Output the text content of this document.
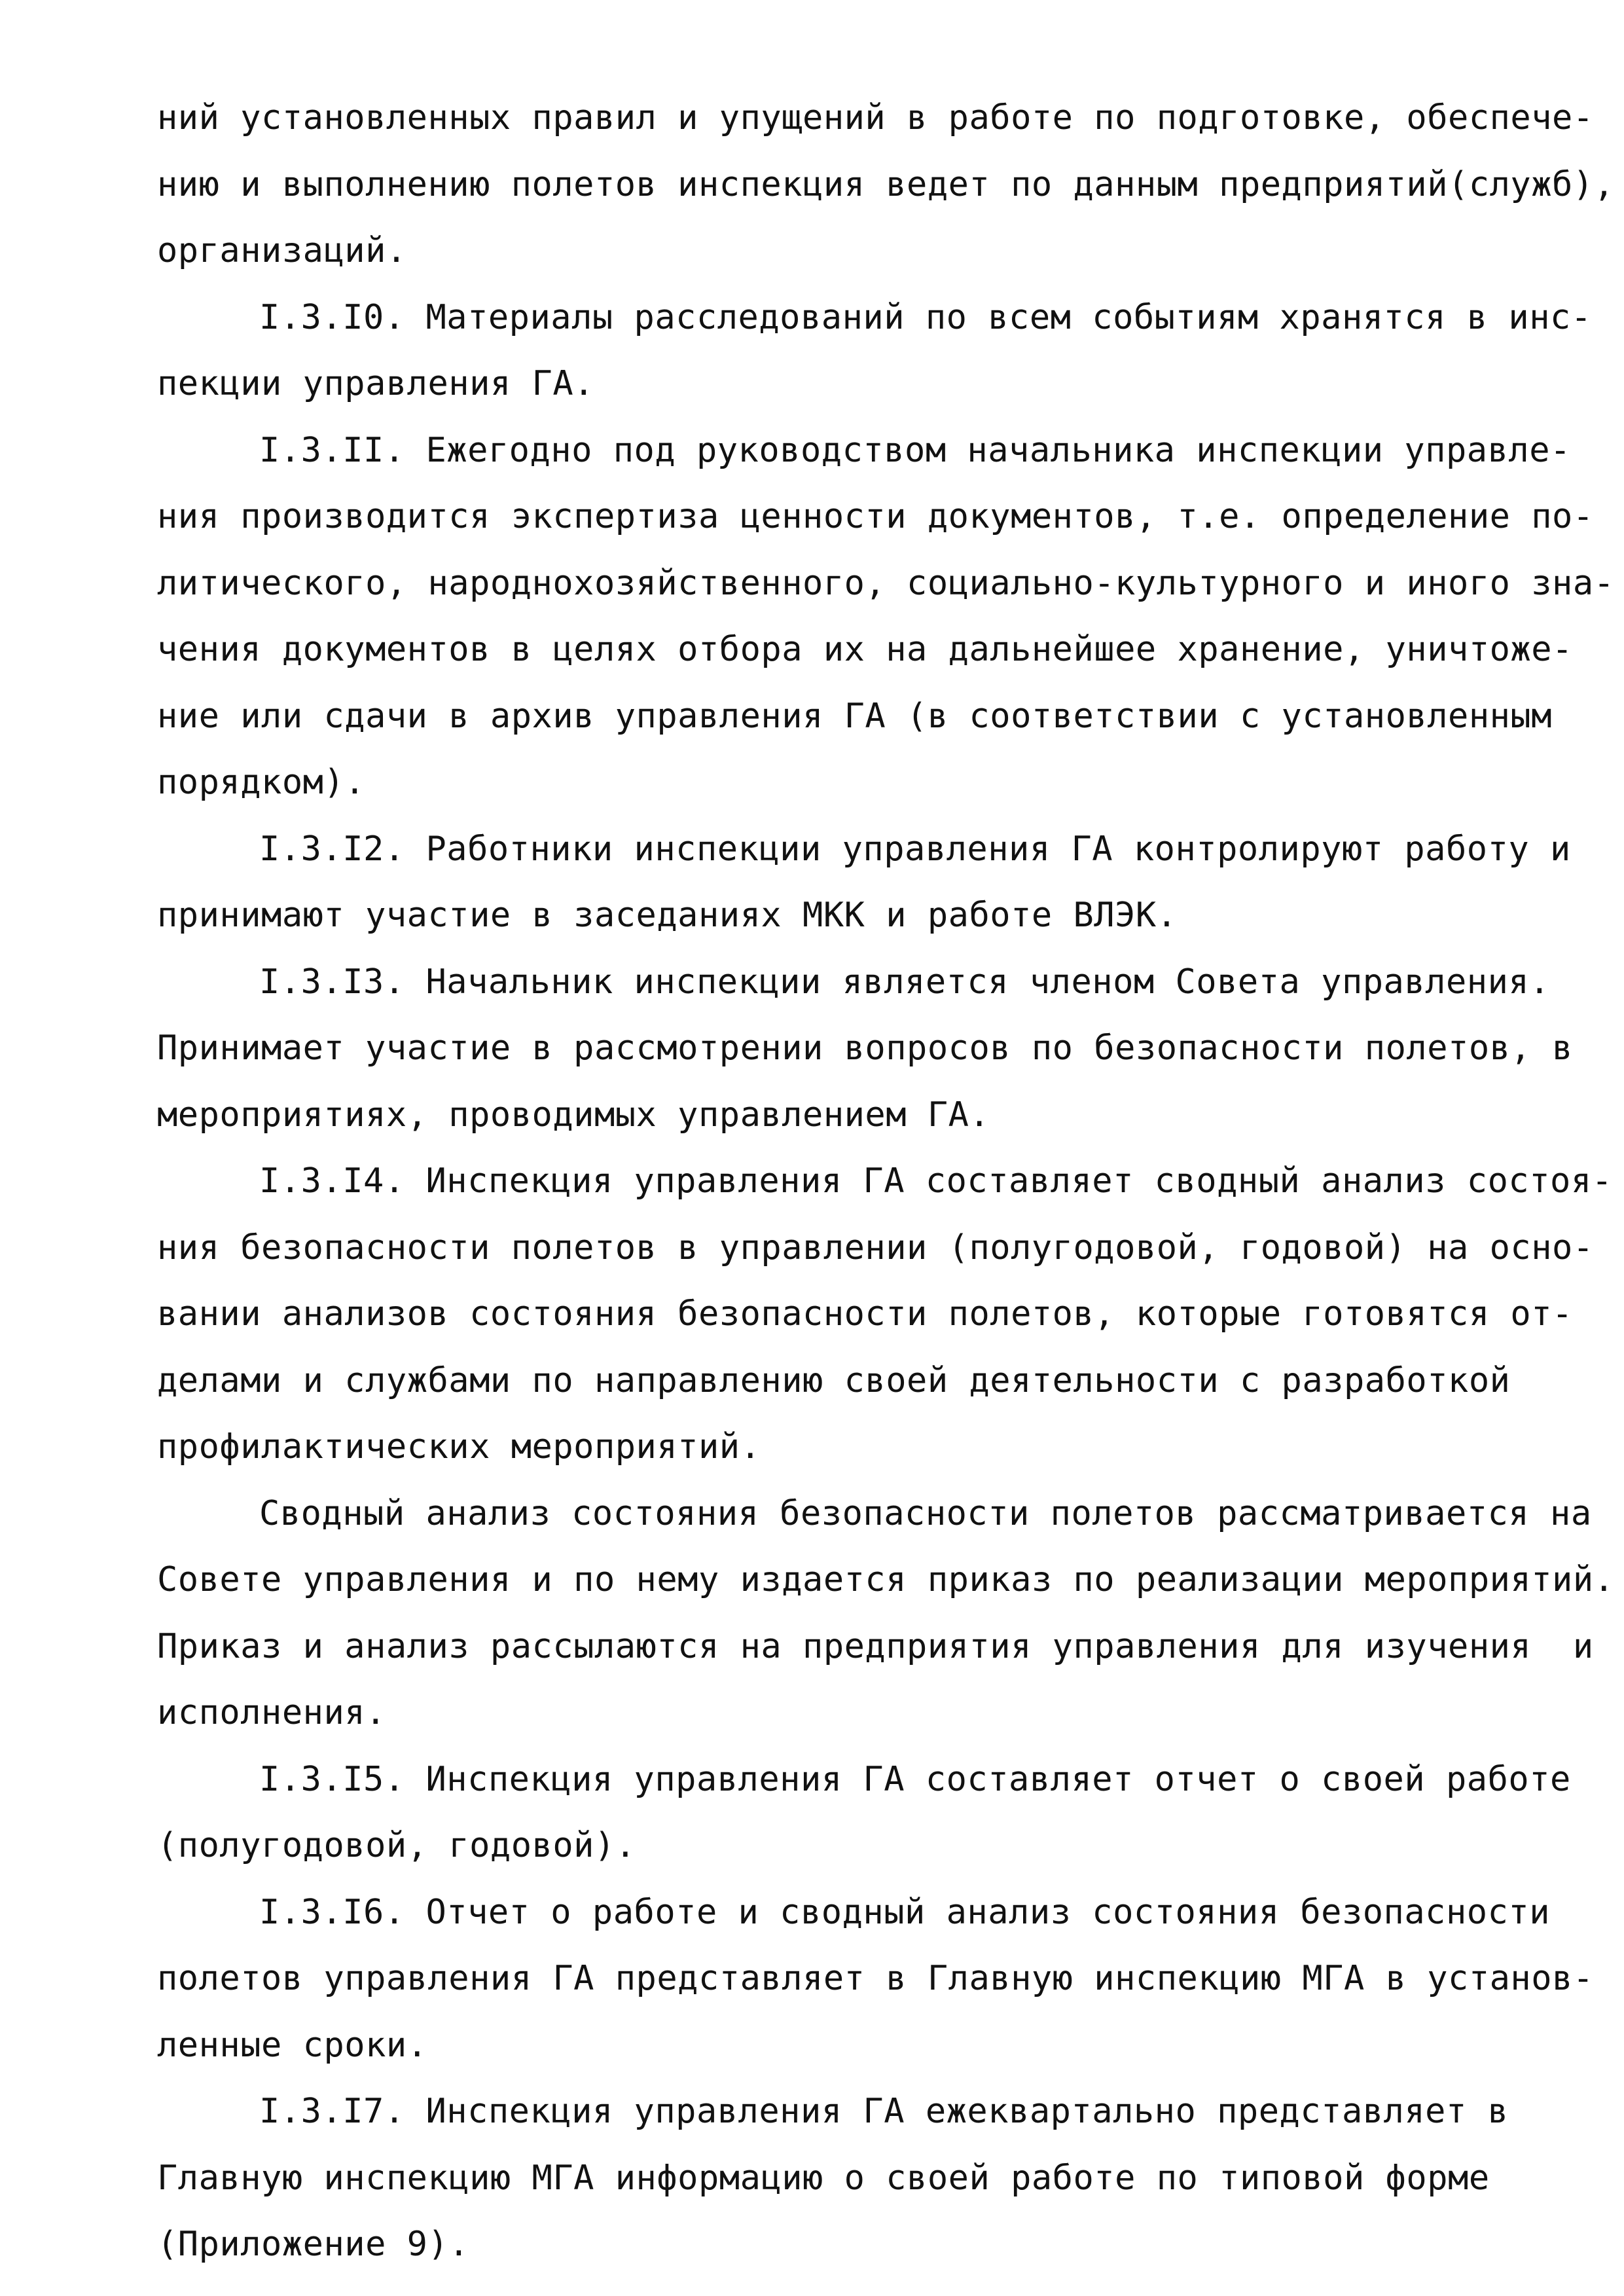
ний установленных правил и упущений в работе по подготовке, обеспече-
нию и выполнению полетов инспекция ведет по данным предприятий(служб),
организаций.
I.3.I0. Материалы расследований по всем событиям хранятся в инс-
пекции управления ГА.
I.3.II. Ежегодно под руководством начальника инспекции управле-
ния производится экспертиза ценности документов, т.е. определение по-
литического, народнохозяйственного, социально-культурного и иного зна-
чения документов в целях отбора их на дальнейшее хранение, уничтоже-
ние или сдачи в архив управления ГА (в соответствии с установленным
порядком).
I.3.I2. Работники инспекции управления ГА контролируют работу и
принимают участие в заседаниях МКК и работе ВЛЭК.
I.3.I3. Начальник инспекции является членом Совета управления.
Принимает участие в рассмотрении вопросов по безопасности полетов, в
мероприятиях, проводимых управлением ГА.
I.3.I4. Инспекция управления ГА составляет сводный анализ состоя-
ния безопасности полетов в управлении (полугодовой, годовой) на осно-
вании анализов состояния безопасности полетов, которые готовятся от-
делами и службами по направлению своей деятельности с разработкой
профилактических мероприятий.
Сводный анализ состояния безопасности полетов рассматривается на
Совете управления и по нему издается приказ по реализации мероприятий.
Приказ и анализ рассылаются на предприятия управления для изучения  и
исполнения.
I.3.I5. Инспекция управления ГА составляет отчет о своей работе
(полугодовой, годовой).
I.3.I6. Отчет о работе и сводный анализ состояния безопасности
полетов управления ГА представляет в Главную инспекцию МГА в установ-
ленные сроки.
I.3.I7. Инспекция управления ГА ежеквартально представляет в
Главную инспекцию МГА информацию о своей работе по типовой форме
(Приложение 9).
